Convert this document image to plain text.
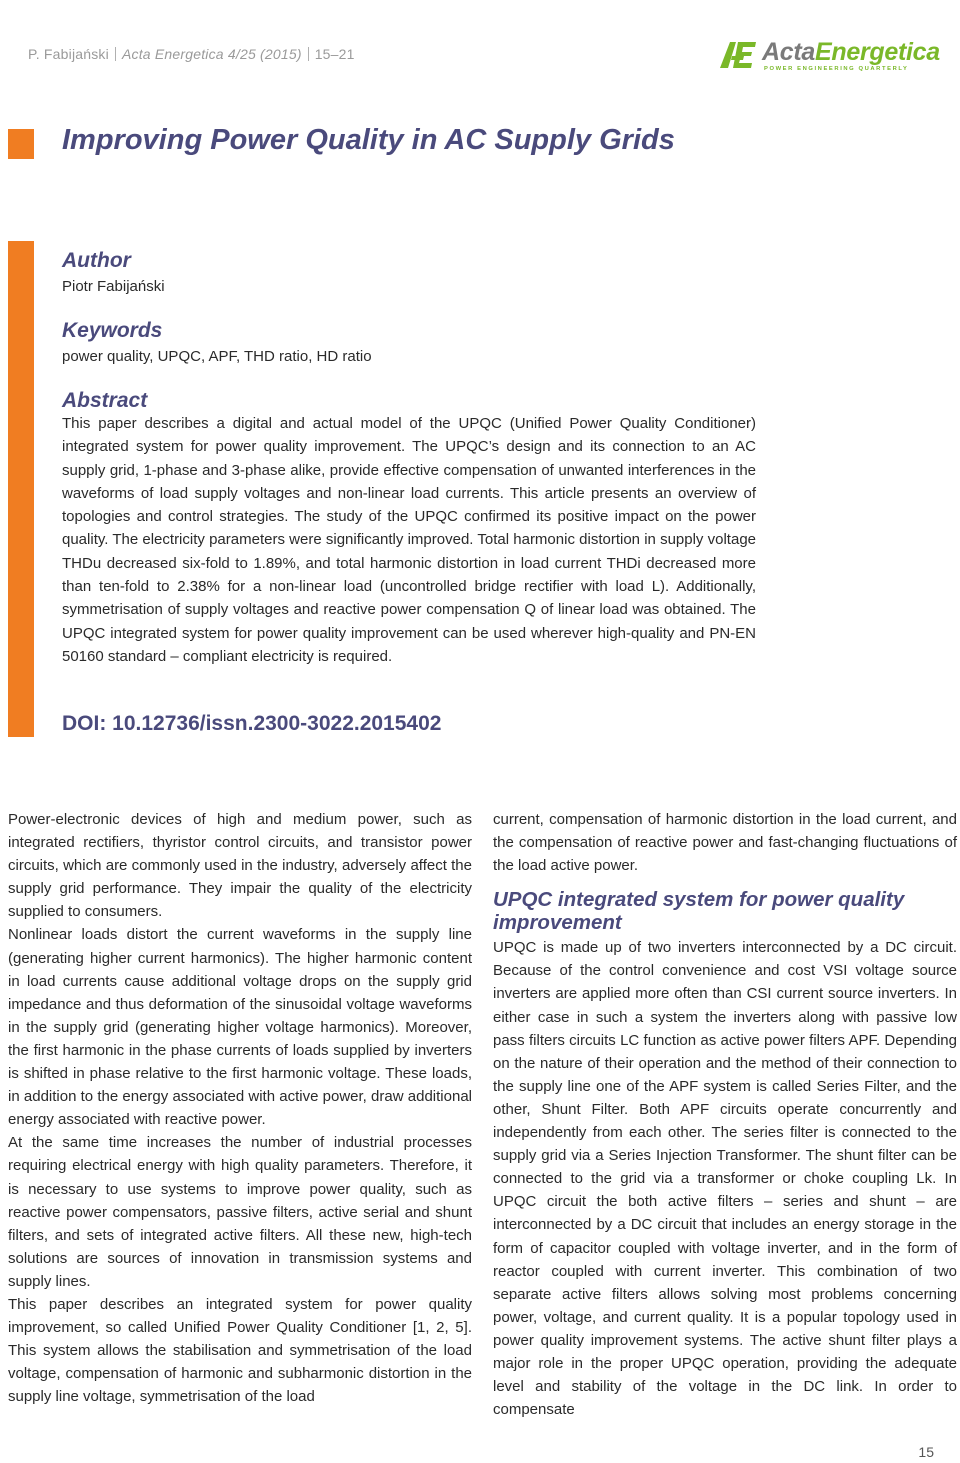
P. Fabijański Acta Energetica 4/25 (2015) 15–21	ActaEnergetica
POWER ENGINEERING QUARTERLY
Improving Power Quality in AC Supply Grids
Author
Piotr Fabijański
Keywords
power quality, UPQC, APF, THD ratio, HD ratio
Abstract

This paper describes a digital and actual model of the UPQC (Unified Power Quality Conditioner) integrated system for power quality improvement. The UPQC’s design and its connection to an AC supply grid, 1-phase and 3-phase alike, provide effective compensation of unwanted interferences in the waveforms of load supply voltages and non-linear load currents. This article presents an overview of topologies and control strategies. The study of the UPQC confirmed its positive impact on the power quality. The electricity parameters were significantly improved. Total harmonic distortion in supply voltage THDu decreased six-fold to 1.89%, and total harmonic distortion in load current THDi decreased more than ten-fold to 2.38% for a non-linear load (uncontrolled bridge rectifier with load L). Additionally, symmetrisation of supply voltages and reactive power compensation Q of linear load was obtained. The UPQC integrated system for power quality improvement can be used wherever high-quality and PN-EN 50160 standard – compliant electricity is required.

DOI: 10.12736/issn.2300-3022.2015402

Power-electronic devices of high and medium power, such as integrated rectifiers, thyristor control circuits, and transistor power circuits, which are commonly used in the industry, adversely affect the supply grid performance. They impair the quality of the electricity supplied to consumers.

Nonlinear loads distort the current waveforms in the supply line (generating higher current harmonics). The higher harmonic content in load currents cause additional voltage drops on the supply grid impedance and thus deformation of the sinusoidal voltage waveforms in the supply grid (generating higher voltage harmonics). Moreover, the first harmonic in the phase currents of loads supplied by inverters is shifted in phase relative to the first harmonic voltage. These loads, in addition to the energy associated with active power, draw additional energy associated with reactive power.

At the same time increases the number of industrial processes requiring electrical energy with high quality parameters. Therefore, it is necessary to use systems to improve power quality, such as reactive power compensators, passive filters, active serial and shunt filters, and sets of integrated active filters. All these new, high-tech solutions are sources of innovation in transmission systems and supply lines.

This paper describes an integrated system for power quality improvement, so called Unified Power Quality Conditioner [1, 2, 5]. This system allows the stabilisation and symmetrisation of the load voltage, compensation of harmonic and subharmonic distortion in the supply line voltage, symmetrisation of the load

current, compensation of harmonic distortion in the load current, and the compensation of reactive power and fast-changing fluctuations of the load active power.

UPQC integrated system for power quality improvement

UPQC is made up of two inverters interconnected by a DC circuit. Because of the control convenience and cost VSI voltage source inverters are applied more often than CSI current source inverters. In either case in such a system the inverters along with passive low pass filters circuits LC function as active power filters APF. Depending on the nature of their operation and the method of their connection to the supply line one of the APF system is called Series Filter, and the other, Shunt Filter. Both APF circuits operate concurrently and independently from each other. The series filter is connected to the supply grid via a Series Injection Transformer. The shunt filter can be connected to the grid via a transformer or choke coupling Lk. In UPQC circuit the both active filters – series and shunt – are interconnected by a DC circuit that includes an energy storage in the form of capacitor coupled with voltage inverter, and in the form of reactor coupled with current inverter. This combination of two separate active filters allows solving most problems concerning power, voltage, and current quality. It is a popular topology used in power quality improvement systems. The active shunt filter plays a major role in the proper UPQC operation, providing the adequate level and stability of the voltage in the DC link. In order to compensate

15
